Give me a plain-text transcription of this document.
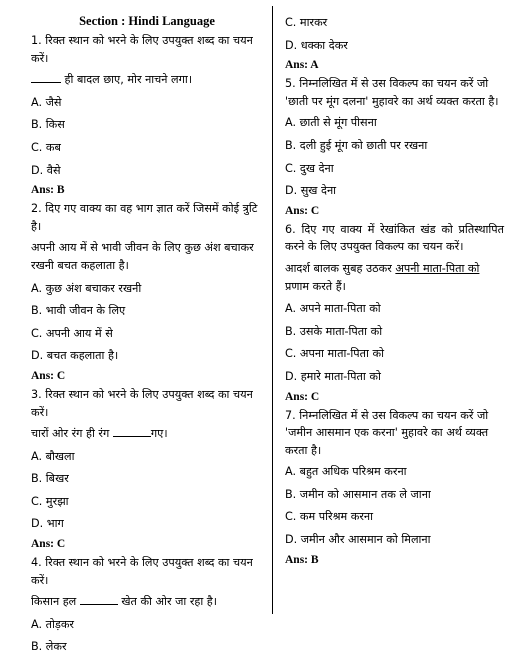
Section : Hindi Language
1. रिक्त स्थान को भरने के लिए उपयुक्त शब्द का चयन करें।
ही बादल छाए, मोर नाचने लगा।
A. जैसे
B. किस
C. कब
D. वैसे
Ans: B
2. दिए गए वाक्य का वह भाग ज्ञात करें जिसमें कोई त्रुटि है।
अपनी आय में से भावी जीवन के लिए कुछ अंश बचाकर रखनी बचत कहलाता है।
A. कुछ अंश बचाकर रखनी
B. भावी जीवन के लिए
C. अपनी आय में से
D. बचत कहलाता है।
Ans: C
3. रिक्त स्थान को भरने के लिए उपयुक्त शब्द का चयन करें।
चारों ओर रंग ही रंग	गए।
A. बौखला
B. बिखर
C. मुरझा
D. भाग
Ans: C
4. रिक्त स्थान को भरने के लिए उपयुक्त शब्द का चयन करें।
किसान हल	खेत की ओर जा रहा है।
A. तोड़कर
B. लेकर
C. मारकर
D. धक्का देकर
Ans: A
5. निम्नलिखित में से उस विकल्प का चयन करें जो 'छाती पर मूंग दलना' मुहावरे का अर्थ व्यक्त करता है।
A. छाती से मूंग पीसना
B. दली हुई मूंग को छाती पर रखना
C. दुख देना
D. सुख देना
Ans: C
6. दिए गए वाक्य में रेखांकित खंड को प्रतिस्थापित करने के लिए उपयुक्त विकल्प का चयन करें।
आदर्श बालक सुबह उठकर अपनी माता-पिता को प्रणाम करते हैं।
A. अपने माता-पिता को
B. उसके माता-पिता को
C. अपना माता-पिता को
D. हमारे माता-पिता को
Ans: C
7. निम्नलिखित में से उस विकल्प का चयन करें जो 'जमीन आसमान एक करना' मुहावरे का अर्थ व्यक्त करता है।
A. बहुत अधिक परिश्रम करना
B. जमीन को आसमान तक ले जाना
C. कम परिश्रम करना
D. जमीन और आसमान को मिलाना
Ans: B
